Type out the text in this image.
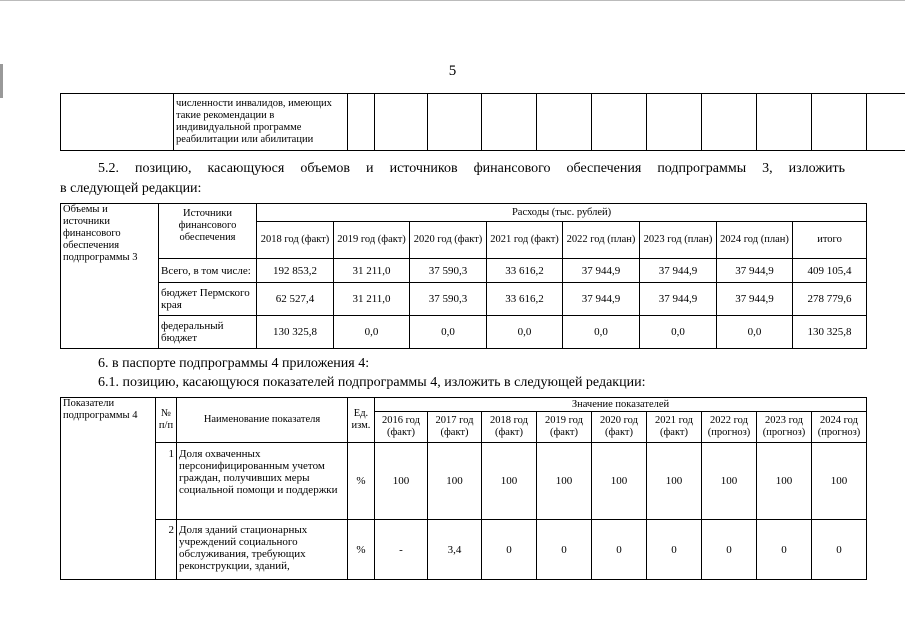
5
	численности инвалидов, имеющих такие рекомендации в индивидуальной программе реабилитации или абилитации											
5.2. позицию, касающуюся объемов и источников финансового обеспечения подпрограммы 3, изложить
в следующей редакции:
Объемы и источники финансового обеспечения подпрограммы 3	Источники финансового обеспечения	Расходы (тыс. рублей)							
		2018 год (факт)	2019 год (факт)	2020 год (факт)	2021 год (факт)	2022 год (план)	2023 год (план)	2024 год (план)	итого
	Всего, в том числе:	192 853,2	31 211,0	37 590,3	33 616,2	37 944,9	37 944,9	37 944,9	409 105,4
	бюджет Пермского края	62 527,4	31 211,0	37 590,3	33 616,2	37 944,9	37 944,9	37 944,9	278 779,6
	федеральный бюджет	130 325,8	0,0	0,0	0,0	0,0	0,0	0,0	130 325,8
6. в паспорте подпрограммы 4 приложения 4:
6.1. позицию, касающуюся показателей подпрограммы 4, изложить в следующей редакции:
Показатели подпрограммы 4	№ п/п	Наименование показателя	Ед. изм.	Значение показателей								
				2016 год (факт)	2017 год (факт)	2018 год (факт)	2019 год (факт)	2020 год (факт)	2021 год (факт)	2022 год (прогноз)	2023 год (прогноз)	2024 год (прогноз)
	1	Доля охваченных персонифицированным учетом граждан, получивших меры социальной помощи и поддержки	%	100	100	100	100	100	100	100	100	100
	2	Доля зданий стационарных учреждений социального обслуживания, требующих реконструкции, зданий,	%	-	3,4	0	0	0	0	0	0	0
